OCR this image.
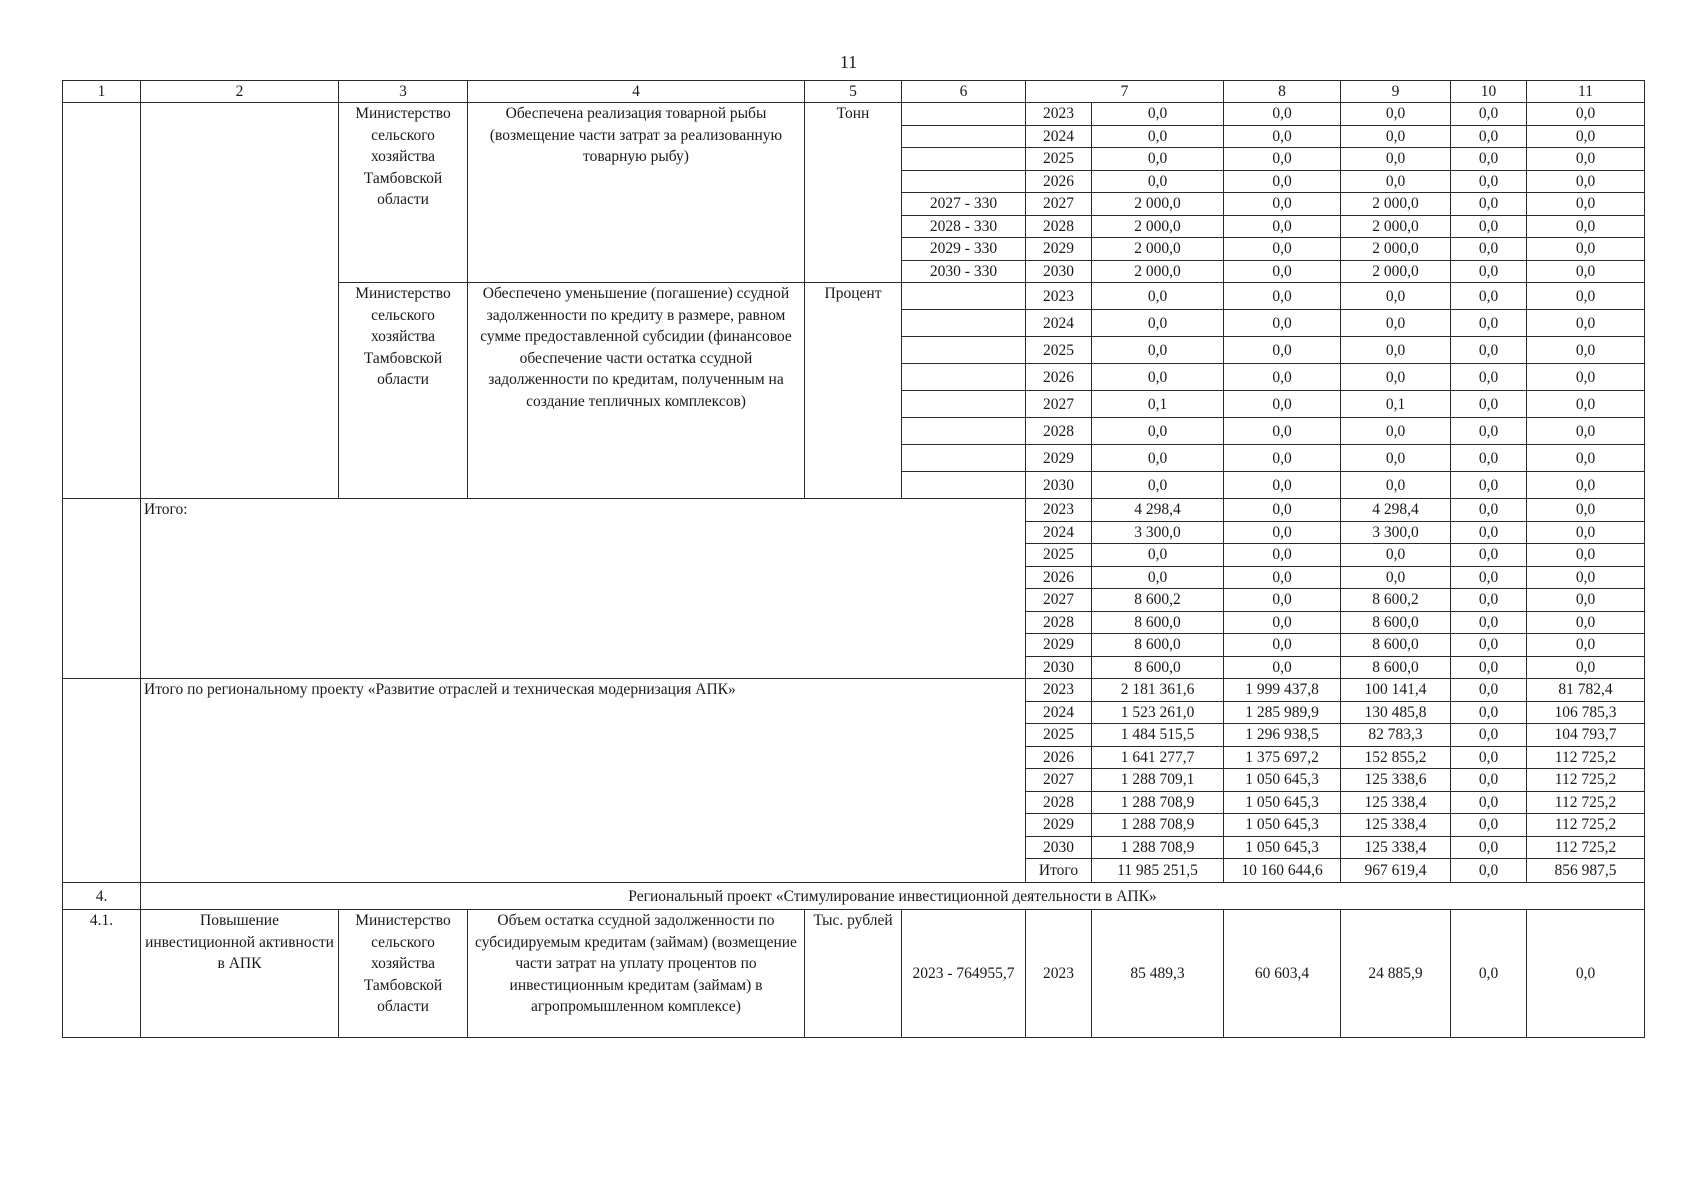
11
1	2	3	4	5	6	7		8	9	10	11
		Министерство сельского хозяйства Тамбовской области	Обеспечена реализация товарной рыбы (возмещение части затрат за реализованную товарную рыбу)	Тонн		2023	0,0	0,0	0,0	0,0	0,0
						2024	0,0	0,0	0,0	0,0	0,0
						2025	0,0	0,0	0,0	0,0	0,0
						2026	0,0	0,0	0,0	0,0	0,0
					2027 - 330	2027	2 000,0	0,0	2 000,0	0,0	0,0
					2028 - 330	2028	2 000,0	0,0	2 000,0	0,0	0,0
					2029 - 330	2029	2 000,0	0,0	2 000,0	0,0	0,0
					2030 - 330	2030	2 000,0	0,0	2 000,0	0,0	0,0
		Министерство сельского хозяйства Тамбовской области	Обеспечено уменьшение (погашение) ссудной задолженности по кредиту в размере, равном сумме предоставленной субсидии (финансовое обеспечение части остатка ссудной задолженности по кредитам, полученным на создание тепличных комплексов)	Процент		2023	0,0	0,0	0,0	0,0	0,0
						2024	0,0	0,0	0,0	0,0	0,0
						2025	0,0	0,0	0,0	0,0	0,0
						2026	0,0	0,0	0,0	0,0	0,0
						2027	0,1	0,0	0,1	0,0	0,0
						2028	0,0	0,0	0,0	0,0	0,0
						2029	0,0	0,0	0,0	0,0	0,0
						2030	0,0	0,0	0,0	0,0	0,0
	Итого:					2023	4 298,4	0,0	4 298,4	0,0	0,0
						2024	3 300,0	0,0	3 300,0	0,0	0,0
						2025	0,0	0,0	0,0	0,0	0,0
						2026	0,0	0,0	0,0	0,0	0,0
						2027	8 600,2	0,0	8 600,2	0,0	0,0
						2028	8 600,0	0,0	8 600,0	0,0	0,0
						2029	8 600,0	0,0	8 600,0	0,0	0,0
						2030	8 600,0	0,0	8 600,0	0,0	0,0
	Итого по региональному проекту «Развитие отраслей и техническая модернизация АПК»					2023	2 181 361,6	1 999 437,8	100 141,4	0,0	81 782,4
						2024	1 523 261,0	1 285 989,9	130 485,8	0,0	106 785,3
						2025	1 484 515,5	1 296 938,5	82 783,3	0,0	104 793,7
						2026	1 641 277,7	1 375 697,2	152 855,2	0,0	112 725,2
						2027	1 288 709,1	1 050 645,3	125 338,6	0,0	112 725,2
						2028	1 288 708,9	1 050 645,3	125 338,4	0,0	112 725,2
						2029	1 288 708,9	1 050 645,3	125 338,4	0,0	112 725,2
						2030	1 288 708,9	1 050 645,3	125 338,4	0,0	112 725,2
						Итого	11 985 251,5	10 160 644,6	967 619,4	0,0	856 987,5
4.	Региональный проект «Стимулирование инвестиционной деятельности в АПК»										
4.1.	Повышение инвестиционной активности в АПК	Министерство сельского хозяйства Тамбовской области	Объем остатка ссудной задолженности по субсидируемым кредитам (займам) (возмещение части затрат на уплату процентов по инвестиционным кредитам (займам) в агропромышленном комплексе)	Тыс. рублей	2023 - 764955,7	2023	85 489,3	60 603,4	24 885,9	0,0	0,0
